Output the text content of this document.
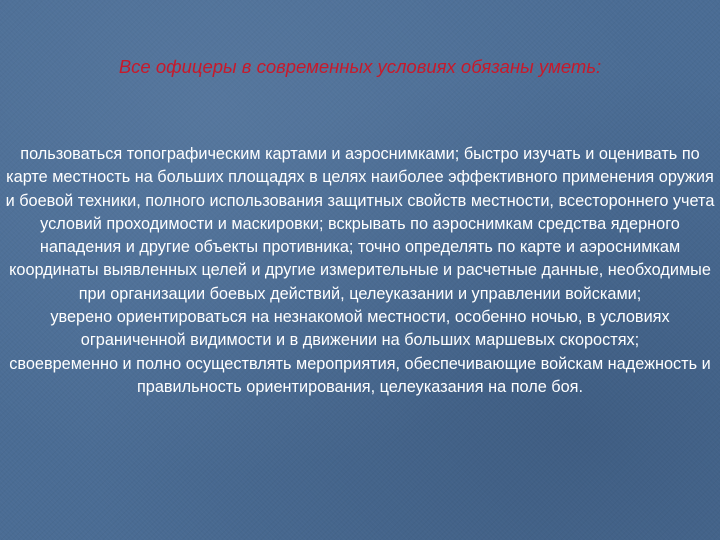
Все офицеры в современных условиях обязаны уметь:

пользоваться топографическим картами и аэроснимками; быстро изучать и оценивать по карте местность на больших площадях в целях наиболее эффективного применения оружия и боевой техники, полного использования защитных свойств местности, всестороннего учета условий проходимости и маскировки; вскрывать по аэроснимкам средства ядерного нападения и другие объекты противника; точно определять по карте и аэроснимкам координаты выявленных целей и другие измерительные и расчетные данные, необходимые при организации боевых действий, целеуказании и управлении войсками;

уверено ориентироваться на незнакомой местности, особенно ночью, в условиях ограниченной видимости и в движении на больших маршевых скоростях;

своевременно и полно осуществлять мероприятия, обеспечивающие войскам надежность и правильность ориентирования, целеуказания на поле боя.
